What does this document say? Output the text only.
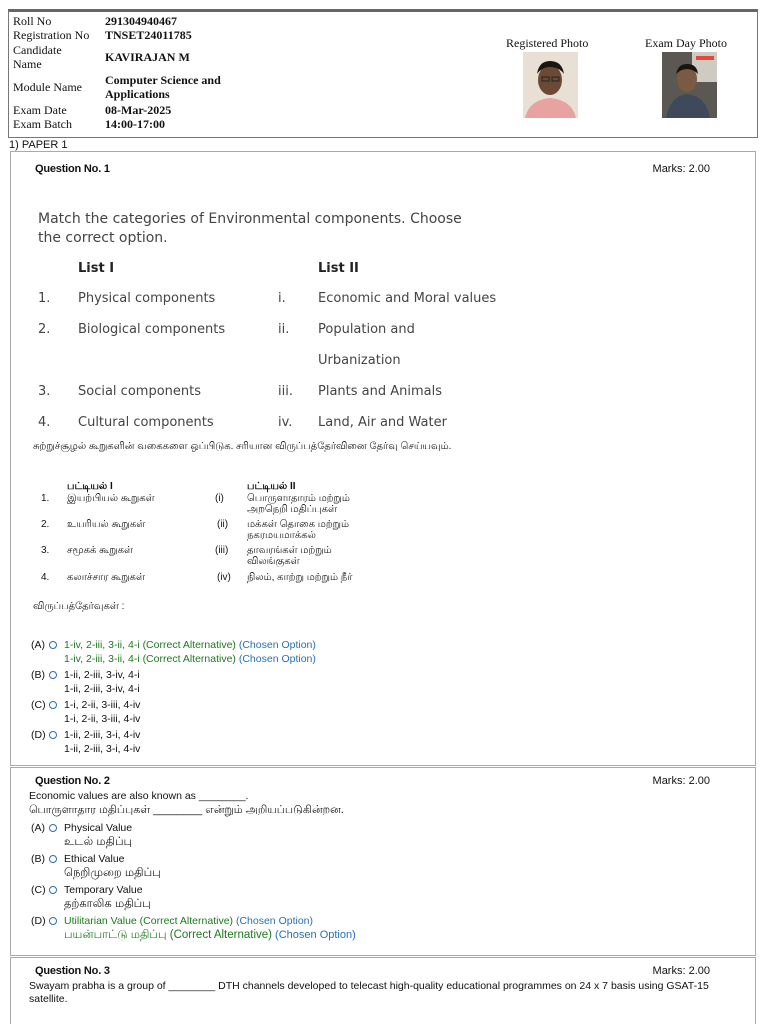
Roll No	291304940467
Registration No	TNSET24011785
Candidate Name	KAVIRAJAN M
Module Name	Computer Science and Applications
Exam Date	08-Mar-2025
Exam Batch	14:00-17:00
Registered Photo	Exam Day Photo
1) PAPER 1
Question No. 1	Marks: 2.00
Match the categories of Environmental components. Choose the correct option.
List I	List II
1. Physical components	i. Economic and Moral values
2. Biological components	ii. Population and
Urbanization
3. Social components	iii. Plants and Animals
4. Cultural components	iv. Land, Air and Water
சுற்றுச்சூழல் கூறுகளின் வகைகளை ஒப்பிடுக. சரியான விருப்பத்தேர்வினை தேர்வு செய்யவும்.
பட்டியல் I	பட்டியல் II
1. இயற்பியல் கூறுகள்	(i) பொருளாதாரம் மற்றும் அறநெறி மதிப்புகள்
2. உயரியல் கூறுகள்	(ii) மக்கள் தொகை மற்றும் நகரமயமாக்கல்
3. சமூகக் கூறுகள்	(iii) தாவரங்கள் மற்றும் விலங்குகள்
4. கலாச்சார கூறுகள்	(iv) நிலம், காற்று மற்றும் நீர்
விருப்பத்தேர்வுகள் :
(A) 1-iv, 2-iii, 3-ii, 4-i (Correct Alternative) (Chosen Option)
1-iv, 2-iii, 3-ii, 4-i (Correct Alternative) (Chosen Option)
(B) 1-ii, 2-iii, 3-iv, 4-i
1-ii, 2-iii, 3-iv, 4-i
(C) 1-i, 2-ii, 3-iii, 4-iv
1-i, 2-ii, 3-iii, 4-iv
(D) 1-ii, 2-iii, 3-i, 4-iv
1-ii, 2-iii, 3-i, 4-iv
Question No. 2	Marks: 2.00
Economic values are also known as ________.
பொருளாதார மதிப்புகள் ________ என்றும் அறியப்படுகின்றன.
(A) Physical Value
உடல் மதிப்பு
(B) Ethical Value
நெறிமுறை மதிப்பு
(C) Temporary Value
தற்காலிக மதிப்பு
(D) Utilitarian Value (Correct Alternative) (Chosen Option)
பயன்பாட்டு மதிப்பு (Correct Alternative) (Chosen Option)
Question No. 3	Marks: 2.00
Swayam prabha is a group of ________ DTH channels developed to telecast high-quality educational programmes on 24 x 7 basis using GSAT-15 satellite.
